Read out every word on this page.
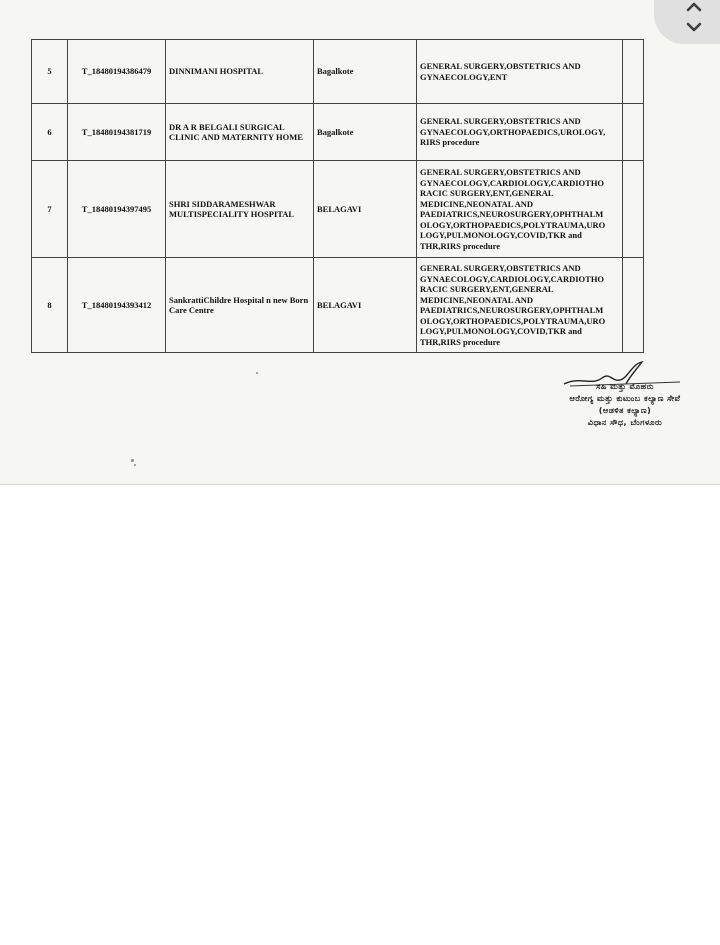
5	T_18480194386479	DINNIMANI HOSPITAL	Bagalkote	GENERAL SURGERY,OBSTETRICS AND GYNAECOLOGY,ENT	
6	T_18480194381719	DR A R BELGALI SURGICAL CLINIC AND MATERNITY HOME	Bagalkote	GENERAL SURGERY,OBSTETRICS AND GYNAECOLOGY,ORTHOPAEDICS,UROLOGY, RIRS procedure	
7	T_18480194397495	SHRI SIDDARAMESHWAR MULTISPECIALITY HOSPITAL	BELAGAVI	GENERAL SURGERY,OBSTETRICS AND GYNAECOLOGY,CARDIOLOGY,CARDIOTHO RACIC SURGERY,ENT,GENERAL MEDICINE,NEONATAL AND PAEDIATRICS,NEUROSURGERY,OPHTHALM OLOGY,ORTHOPAEDICS,POLYTRAUMA,URO LOGY,PULMONOLOGY,COVID,TKR and THR,RIRS procedure	
8	T_18480194393412	SankrattiChildre Hospital n new Born Care Centre	BELAGAVI	GENERAL SURGERY,OBSTETRICS AND GYNAECOLOGY,CARDIOLOGY,CARDIOTHO RACIC SURGERY,ENT,GENERAL MEDICINE,NEONATAL AND PAEDIATRICS,NEUROSURGERY,OPHTHALM OLOGY,ORTHOPAEDICS,POLYTRAUMA,URO LOGY,PULMONOLOGY,COVID,TKR and THR,RIRS procedure	
ಸಹಿ ಮತ್ತು ಮೊಹರು
ಆರೋಗ್ಯ ಮತ್ತು ಕುಟುಂಬ ಕಲ್ಯಾಣ ಸೇವೆ
(ಆಡಳಿತ ಕಲ್ಯಾಣ)
ವಿಧಾನ ಸೌಧ, ಬೆಂಗಳೂರು
